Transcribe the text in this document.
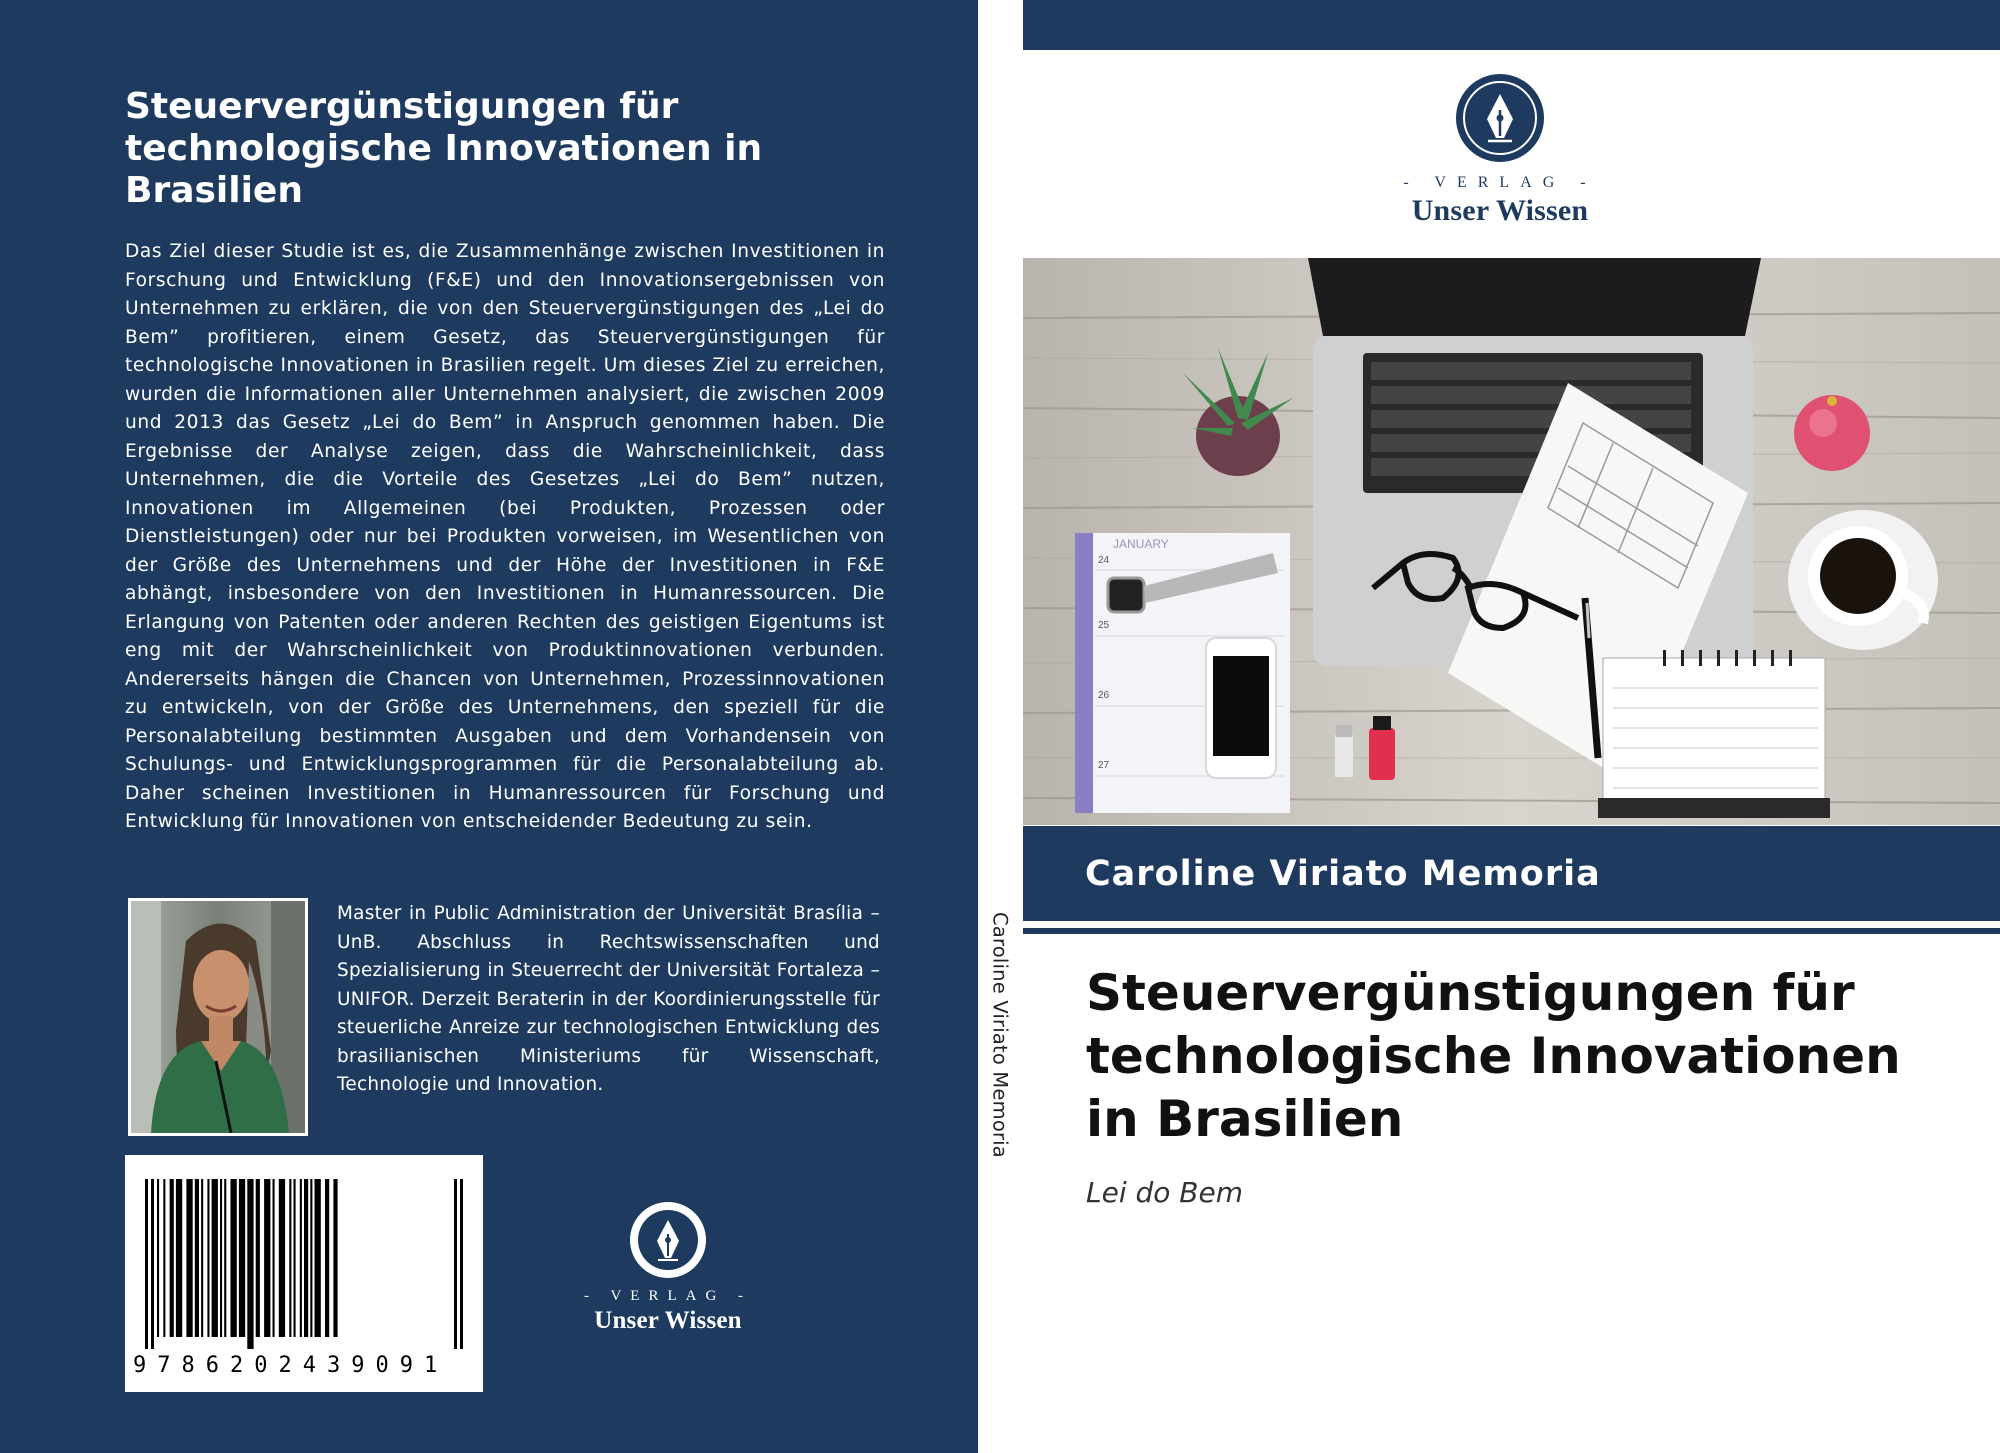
Steuervergünstigungen für technologische Innovationen in Brasilien

Das Ziel dieser Studie ist es, die Zusammenhänge zwischen Investitionen in Forschung und Entwicklung (F&E) und den Innovationsergebnissen von Unternehmen zu erklären, die von den Steuervergünstigungen des „Lei do Bem” profitieren, einem Gesetz, das Steuervergünstigungen für technologische Innovationen in Brasilien regelt. Um dieses Ziel zu erreichen, wurden die Informationen aller Unternehmen analysiert, die zwischen 2009 und 2013 das Gesetz „Lei do Bem” in Anspruch genommen haben. Die Ergebnisse der Analyse zeigen, dass die Wahrscheinlichkeit, dass Unternehmen, die die Vorteile des Gesetzes „Lei do Bem” nutzen, Innovationen im Allgemeinen (bei Produkten, Prozessen oder Dienstleistungen) oder nur bei Produkten vorweisen, im Wesentlichen von der Größe des Unternehmens und der Höhe der Investitionen in F&E abhängt, insbesondere von den Investitionen in Humanressourcen. Die Erlangung von Patenten oder anderen Rechten des geistigen Eigentums ist eng mit der Wahrscheinlichkeit von Produktinnovationen verbunden. Andererseits hängen die Chancen von Unternehmen, Prozessinnovationen zu entwickeln, von der Größe des Unternehmens, den speziell für die Personalabteilung bestimmten Ausgaben und dem Vorhandensein von Schulungs- und Entwicklungsprogrammen für die Personalabteilung ab. Daher scheinen Investitionen in Humanressourcen für Forschung und Entwicklung für Innovationen von entscheidender Bedeutung zu sein.

Master in Public Administration der Universität Brasília – UnB. Abschluss in Rechtswissenschaften und Spezialisierung in Steuerrecht der Universität Fortaleza – UNIFOR. Derzeit Beraterin in der Koordinierungsstelle für steuerliche Anreize zur technologischen Entwicklung des brasilianischen Ministeriums für Wissenschaft, Technologie und Innovation.

9786202439091
- VERLAG -
Unser Wissen
Caroline Viriato Memoria
- VERLAG -
Unser Wissen
JANUARY
24
25
26
27
Caroline Viriato Memoria
Steuervergünstigungen für technologische Innovationen in Brasilien
Lei do Bem
